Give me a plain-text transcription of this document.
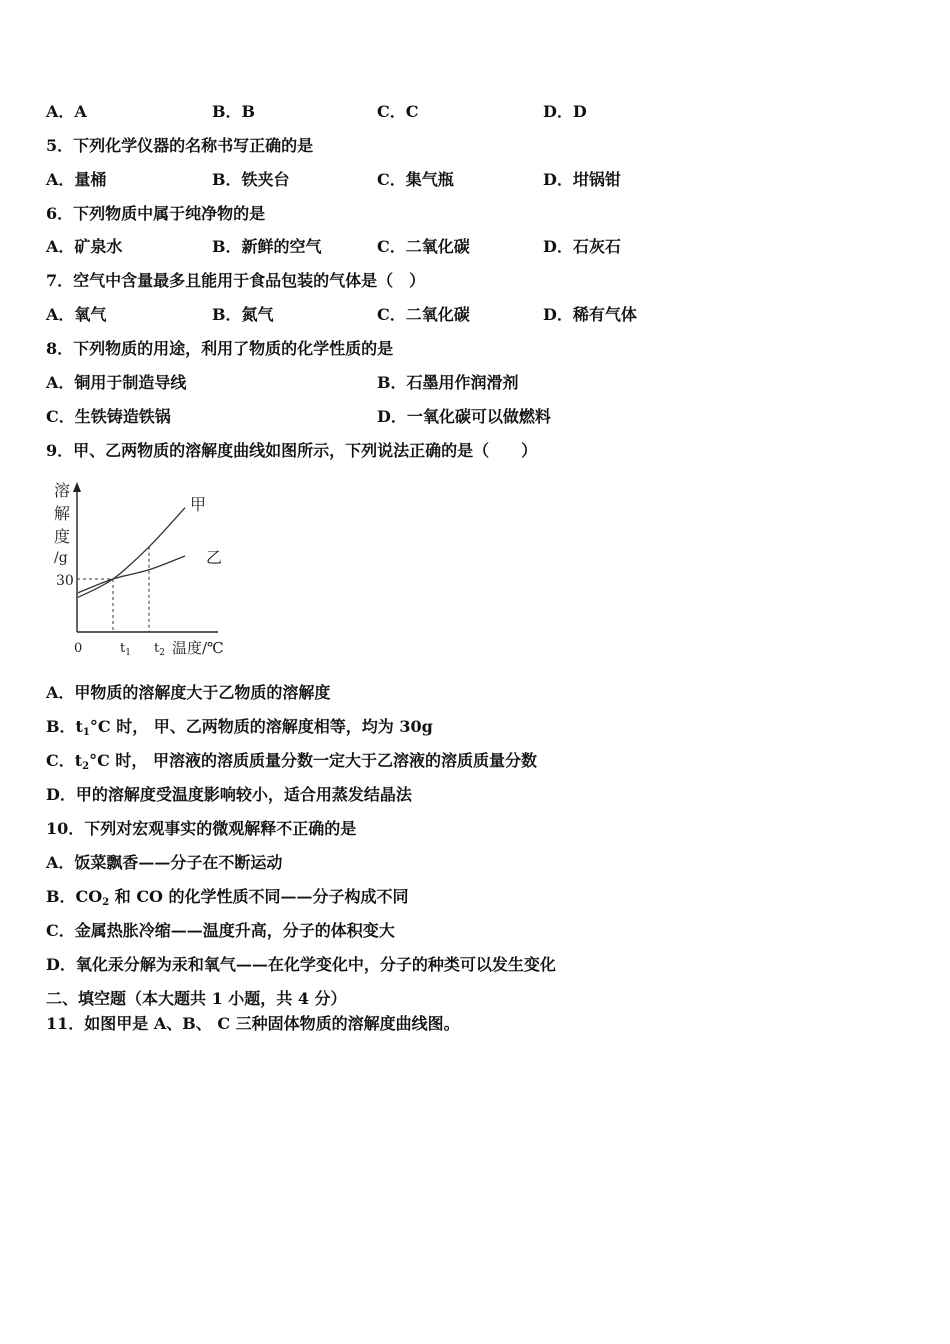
A．A	B．B	C．C	D．D
5．下列化学仪器的名称书写正确的是
A．量桶	B．铁夹台	C．集气瓶	D．坩锅钳
6．下列物质中属于纯净物的是
A．矿泉水	B．新鲜的空气	C．二氧化碳	D．石灰石
7．空气中含量最多且能用于食品包装的气体是（　）
A．氧气	B．氮气	C．二氧化碳	D．稀有气体
8．下列物质的用途，利用了物质的化学性质的是
A．铜用于制造导线	B．石墨用作润滑剂
C．生铁铸造铁锅	D．一氧化碳可以做燃料
9．甲、乙两物质的溶解度曲线如图所示，下列说法正确的是（　　）
溶
解
度
/g
30
0	$t_1$ $t_2$ 温度/℃
甲
乙
A．甲物质的溶解度大于乙物质的溶解度
B．$t_1^\circ C$ 时， 甲、乙两物质的溶解度相等，均为 30g
C．$t_2^\circ C$ 时， 甲溶液的溶质质量分数一定大于乙溶液的溶质质量分数
D．甲的溶解度受温度影响较小，适合用蒸发结晶法
10．下列对宏观事实的微观解释不正确的是
A．饭菜飘香——分子在不断运动
B．$CO_2$ 和 CO 的化学性质不同——分子构成不同
C．金属热胀冷缩——温度升高，分子的体积变大
D．氧化汞分解为汞和氧气——在化学变化中，分子的种类可以发生变化
二、填空题（本大题共 1 小题，共 4 分）
11．如图甲是 A、B、 C 三种固体物质的溶解度曲线图。
